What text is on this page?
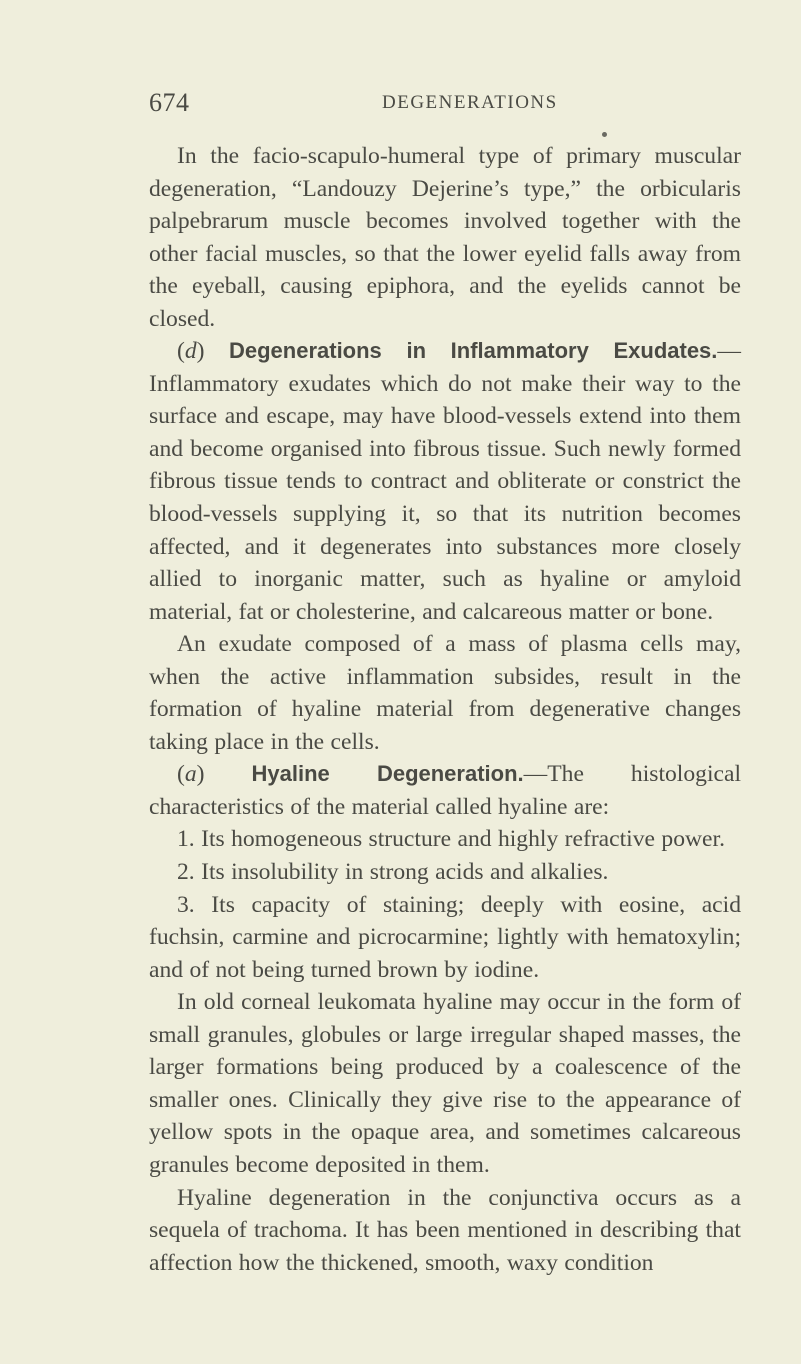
674	DEGENERATIONS

In the facio-scapulo-humeral type of primary muscular degeneration, “Landouzy Dejerine’s type,” the orbicularis palpebrarum muscle becomes involved together with the other facial muscles, so that the lower eyelid falls away from the eyeball, causing epiphora, and the eyelids cannot be closed.

(d) Degenerations in Inflammatory Exudates.—Inflammatory exudates which do not make their way to the surface and escape, may have blood-vessels extend into them and become organised into fibrous tissue. Such newly formed fibrous tissue tends to contract and obliterate or constrict the blood-vessels supplying it, so that its nutrition becomes affected, and it degenerates into substances more closely allied to inorganic matter, such as hyaline or amyloid material, fat or cholesterine, and calcareous matter or bone.

An exudate composed of a mass of plasma cells may, when the active inflammation subsides, result in the formation of hyaline material from degenerative changes taking place in the cells.

(a) Hyaline Degeneration.—The histological characteristics of the material called hyaline are:

1. Its homogeneous structure and highly refractive power.

2. Its insolubility in strong acids and alkalies.

3. Its capacity of staining; deeply with eosine, acid fuchsin, carmine and picrocarmine; lightly with hematoxylin; and of not being turned brown by iodine.

In old corneal leukomata hyaline may occur in the form of small granules, globules or large irregular shaped masses, the larger formations being produced by a coalescence of the smaller ones. Clinically they give rise to the appearance of yellow spots in the opaque area, and sometimes calcareous granules become deposited in them.

Hyaline degeneration in the conjunctiva occurs as a sequela of trachoma. It has been mentioned in describing that affection how the thickened, smooth, waxy condition
